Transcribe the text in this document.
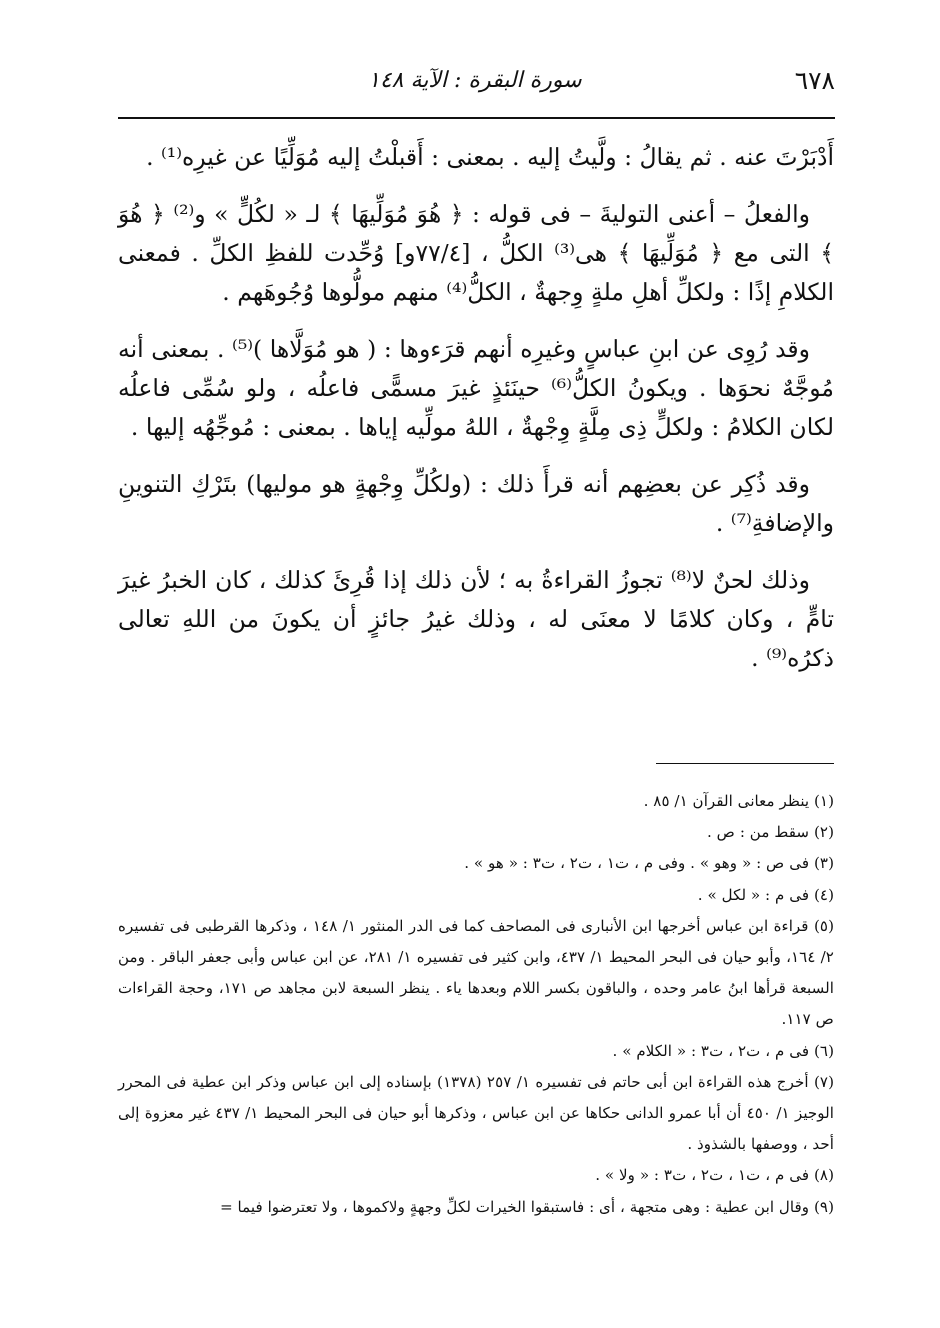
٦٧٨
سورة البقرة : الآية ١٤٨

أَدْبَرْتَ عنه . ثم يقالُ : ولَّيتُ إليه . بمعنى : أَقبلْتُ إليه مُوَلِّيًا عن غيرِه⁽¹⁾ .

والفعلُ – أعنى التوليةَ – فى قوله : ﴿ هُوَ مُوَلِّيهَا ﴾ لـ « لكُلٍّ » و⁽²⁾ ﴿ هُوَ ﴾ التى مع ﴿ مُوَلِّيهَا ﴾ هى⁽³⁾ الكلُّ ، [٧٧/٤و] وُحِّدت للفظِ الكلِّ . فمعنى الكلامِ إذًا : ولكلِّ أهلِ ملةٍ وِجهةٌ ، الكلُّ⁽⁴⁾ منهم مولُّوها وُجُوهَهم .

وقد رُوِى عن ابنِ عباسٍ وغيرِه أنهم قرَءوها : ( هو مُوَلَّاها )⁽⁵⁾ . بمعنى أنه مُوجَّهٌ نحوَها . ويكونُ الكلُّ⁽⁶⁾ حينَئذٍ غيرَ مسمًّى فاعلُه ، ولو سُمِّى فاعلُه لكان الكلامُ : ولكلٍّ ذِى مِلَّةٍ وِجْهةٌ ، اللهُ مولِّيه إياها . بمعنى : مُوجِّهُه إليها .

وقد ذُكِر عن بعضِهم أنه قرأَ ذلك : (ولكُلِّ وِجْهةٍ هو موليها) بتَرْكِ التنوينِ والإضافةِ⁽⁷⁾ .

وذلك لحنٌ لا⁽⁸⁾ تجوزُ القراءةُ به ؛ لأن ذلك إذا قُرِئَ كذلك ، كان الخبرُ غيرَ تامٍّ ، وكان كلامًا لا معنَى له ، وذلك غيرُ جائزٍ أن يكونَ من اللهِ تعالى ذكرُه⁽⁹⁾ .

(١) ينظر معانى القرآن ١/ ٨٥ .

(٢) سقط من : ص .

(٣) فى ص : « وهو » . وفى م ، ت١ ، ت٢ ، ت٣ : « هو » .

(٤) فى م : « لكل » .

(٥) قراءة ابن عباس أخرجها ابن الأنبارى فى المصاحف كما فى الدر المنثور ١/ ١٤٨ ، وذكرها القرطبى فى تفسيره ٢/ ١٦٤، وأبو حيان فى البحر المحيط ١/ ٤٣٧، وابن كثير فى تفسيره ١/ ٢٨١، عن ابن عباس وأبى جعفر الباقر . ومن السبعة قرأها ابنُ عامر وحده ، والباقون بكسر اللام وبعدها ياء . ينظر السبعة لابن مجاهد ص ١٧١، وحجة القراءات ص ١١٧.

(٦) فى م ، ت٢ ، ت٣ : « الكلام » .

(٧) أخرج هذه القراءة ابن أبى حاتم فى تفسيره ١/ ٢٥٧ (١٣٧٨) بإسناده إلى ابن عباس وذكر ابن عطية فى المحرر الوجيز ١/ ٤٥٠ أن أبا عمرو الدانى حكاها عن ابن عباس ، وذكرها أبو حيان فى البحر المحيط ١/ ٤٣٧ غير معزوة إلى أحد ، ووصفها بالشذوذ .

(٨) فى م ، ت١ ، ت٢ ، ت٣ : « ولا » .

(٩) وقال ابن عطية : وهى متجهة ، أى : فاستبقوا الخيرات لكلِّ وجهةٍ ولاكموها ، ولا تعترضوا فيما =
